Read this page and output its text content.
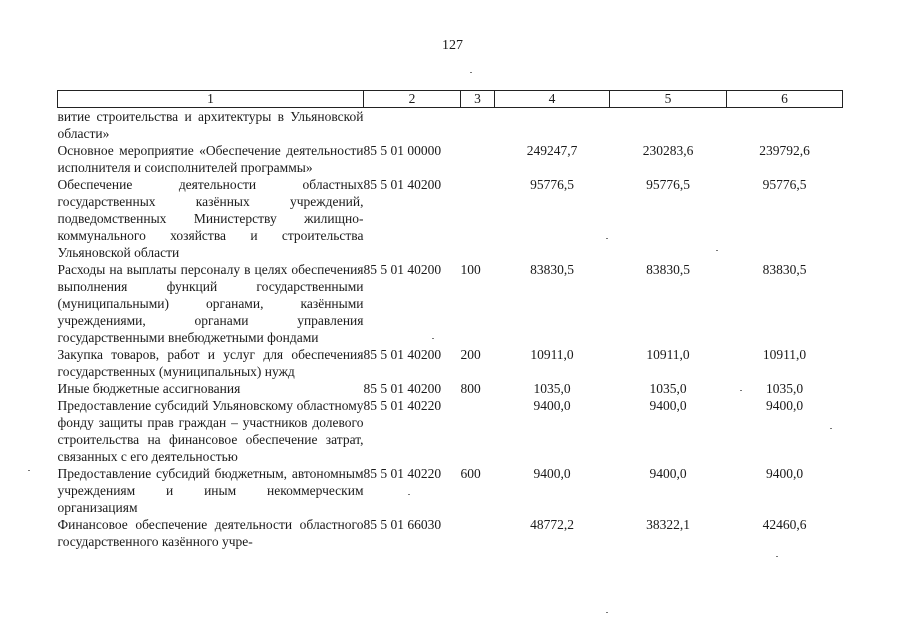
127
1	2	3	4	5	6
витие строительства и архитектуры в Ульяновской области»					
Основное мероприятие «Обеспечение деятельности исполнителя и соисполнителей программы»	85 5 01 00000		249247,7	230283,6	239792,6
Обеспечение деятельности областных государственных казённых учреждений, подведомственных Министерству жилищно-коммунального хозяйства и строительства Ульяновской области	85 5 01 40200		95776,5	95776,5	95776,5
Расходы на выплаты персоналу в целях обеспечения выполнения функций государственными (муниципальными) органами, казёнными учреждениями, органами управления государственными внебюджетными фондами	85 5 01 40200	100	83830,5	83830,5	83830,5
Закупка товаров, работ и услуг для обеспечения государственных (муниципальных) нужд	85 5 01 40200	200	10911,0	10911,0	10911,0
Иные бюджетные ассигнования	85 5 01 40200	800	1035,0	1035,0	1035,0
Предоставление субсидий Ульяновскому областному фонду защиты прав граждан – участников долевого строительства на финансовое обеспечение затрат, связанных с его деятельностью	85 5 01 40220		9400,0	9400,0	9400,0
Предоставление субсидий бюджетным, автономным учреждениям и иным некоммерческим организациям	85 5 01 40220	600	9400,0	9400,0	9400,0
Финансовое обеспечение деятельности областного государственного казённого учре-	85 5 01 66030		48772,2	38322,1	42460,6
